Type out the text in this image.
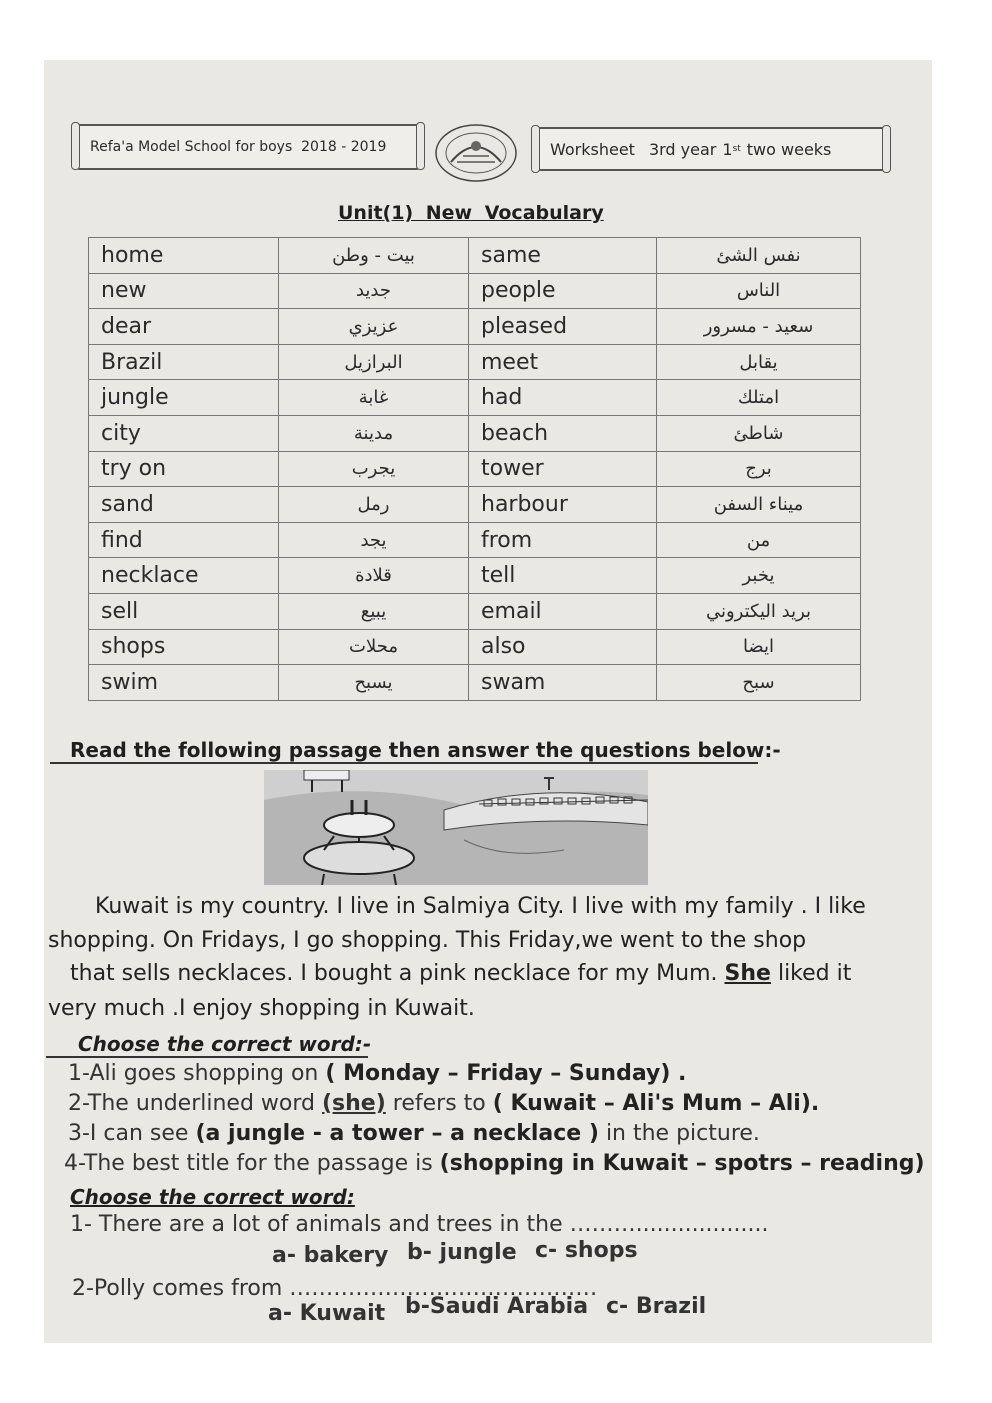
Refa'a Model School for boys  2018 - 2019	Worksheet 3rd year 1 st two weeks
Unit(1) New Vocabulary
home	بيت - وطن	same	نفس الشئ
new	جديد	people	الناس
dear	عزيزي	pleased	سعيد - مسرور
Brazil	البرازيل	meet	يقابل
jungle	غابة	had	امتلك
city	مدينة	beach	شاطئ
try on	يجرب	tower	برج
sand	رمل	harbour	ميناء السفن
find	يجد	from	من
necklace	قلادة	tell	يخبر
sell	يبيع	email	بريد اليكتروني
shops	محلات	also	ايضا
swim	يسبح	swam	سبح
Read the following passage then answer the questions below:-
Kuwait is my country. I live in Salmiya City. I live with my family . I like
shopping. On Fridays, I go shopping. This Friday,we went to the shop
that sells necklaces. I bought a pink necklace for my Mum. She liked it
very much .I enjoy shopping in Kuwait.
Choose the correct word:-
1-Ali goes shopping on ( Monday – Friday – Sunday) .
2-The underlined word (she) refers to ( Kuwait – Ali's Mum – Ali).
3-I can see (a jungle - a tower – a necklace ) in the picture.
4-The best title for the passage is (shopping in Kuwait – spotrs – reading)
Choose the correct word:
1- There are a lot of animals and trees in the ………...................
a- bakery b- jungle c- shops
2-Polly comes from ……………………………………
a- Kuwait b-Saudi Arabia c- Brazil
